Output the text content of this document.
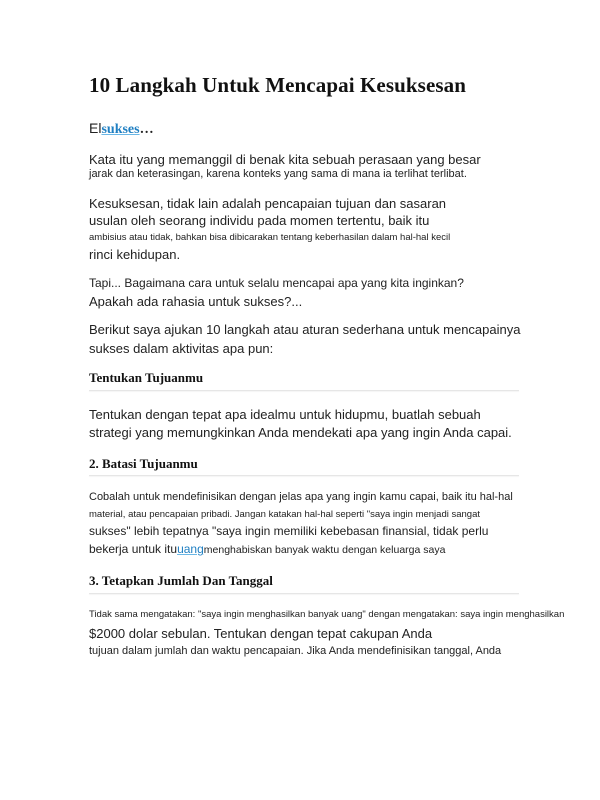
10 Langkah Untuk Mencapai Kesuksesan
Elsukses…
Kata itu yang memanggil di benak kita sebuah perasaan yang besar
jarak dan keterasingan, karena konteks yang sama di mana ia terlihat terlibat.
Kesuksesan, tidak lain adalah pencapaian tujuan dan sasaran
usulan oleh seorang individu pada momen tertentu, baik itu
ambisius atau tidak, bahkan bisa dibicarakan tentang keberhasilan dalam hal-hal kecil
rinci kehidupan.
Tapi... Bagaimana cara untuk selalu mencapai apa yang kita inginkan?
Apakah ada rahasia untuk sukses?...
Berikut saya ajukan 10 langkah atau aturan sederhana untuk mencapainya
sukses dalam aktivitas apa pun:
Tentukan Tujuanmu
Tentukan dengan tepat apa idealmu untuk hidupmu, buatlah sebuah
strategi yang memungkinkan Anda mendekati apa yang ingin Anda capai.
2. Batasi Tujuanmu
Cobalah untuk mendefinisikan dengan jelas apa yang ingin kamu capai, baik itu hal-hal
material, atau pencapaian pribadi. Jangan katakan hal-hal seperti "saya ingin menjadi sangat
sukses" lebih tepatnya "saya ingin memiliki kebebasan finansial, tidak perlu
bekerja untuk ituuangmenghabiskan banyak waktu dengan keluarga saya
3. Tetapkan Jumlah Dan Tanggal
Tidak sama mengatakan: "saya ingin menghasilkan banyak uang" dengan mengatakan: saya ingin menghasilkan
$2000 dolar sebulan. Tentukan dengan tepat cakupan Anda
tujuan dalam jumlah dan waktu pencapaian. Jika Anda mendefinisikan tanggal, Anda
